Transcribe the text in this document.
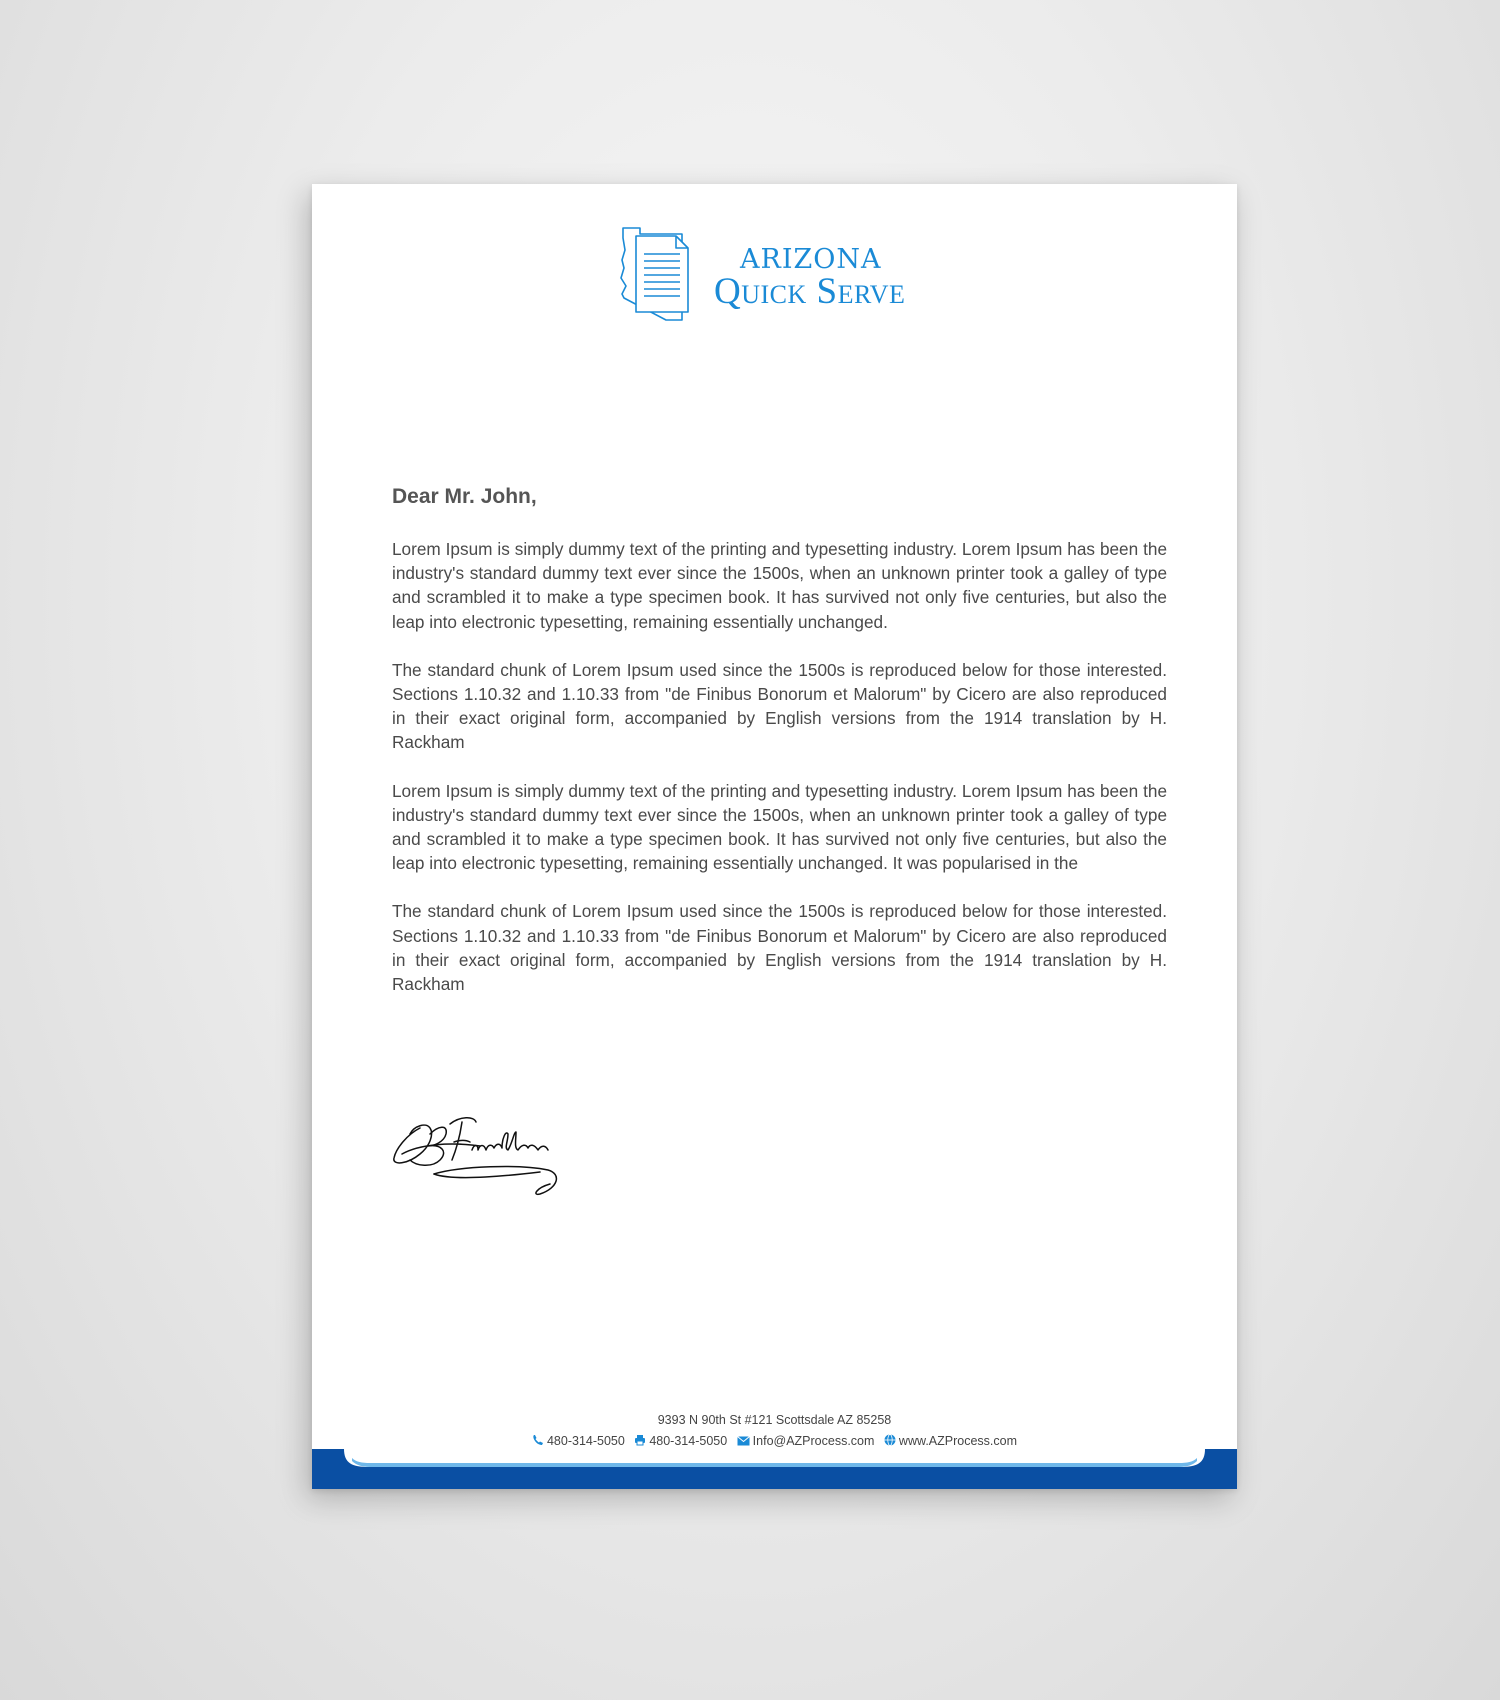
ARIZONA
Quick Serve
Dear Mr. John,

Lorem Ipsum is simply dummy text of the printing and typesetting industry. Lorem Ipsum has been the industry's standard dummy text ever since the 1500s, when an unknown printer took a galley of type and scrambled it to make a type specimen book. It has survived not only five centuries, but also the leap into electronic typesetting, remaining essentially unchanged.

The standard chunk of Lorem Ipsum used since the 1500s is reproduced below for those interested. Sections 1.10.32 and 1.10.33 from "de Finibus Bonorum et Malorum" by Cicero are also reproduced in their exact original form, accompanied by English versions from the 1914 translation by H. Rackham

Lorem Ipsum is simply dummy text of the printing and typesetting industry. Lorem Ipsum has been the industry's standard dummy text ever since the 1500s, when an unknown printer took a galley of type and scrambled it to make a type specimen book. It has survived not only five centuries, but also the leap into electronic typesetting, remaining essentially unchanged. It was popularised in the

The standard chunk of Lorem Ipsum used since the 1500s is reproduced below for those interested. Sections 1.10.32 and 1.10.33 from "de Finibus Bonorum et Malorum" by Cicero are also reproduced in their exact original form, accompanied by English versions from the 1914 translation by H. Rackham

9393 N 90th St #121 Scottsdale AZ 85258
480-314-5050 480-314-5050 Info@AZProcess.com www.AZProcess.com
